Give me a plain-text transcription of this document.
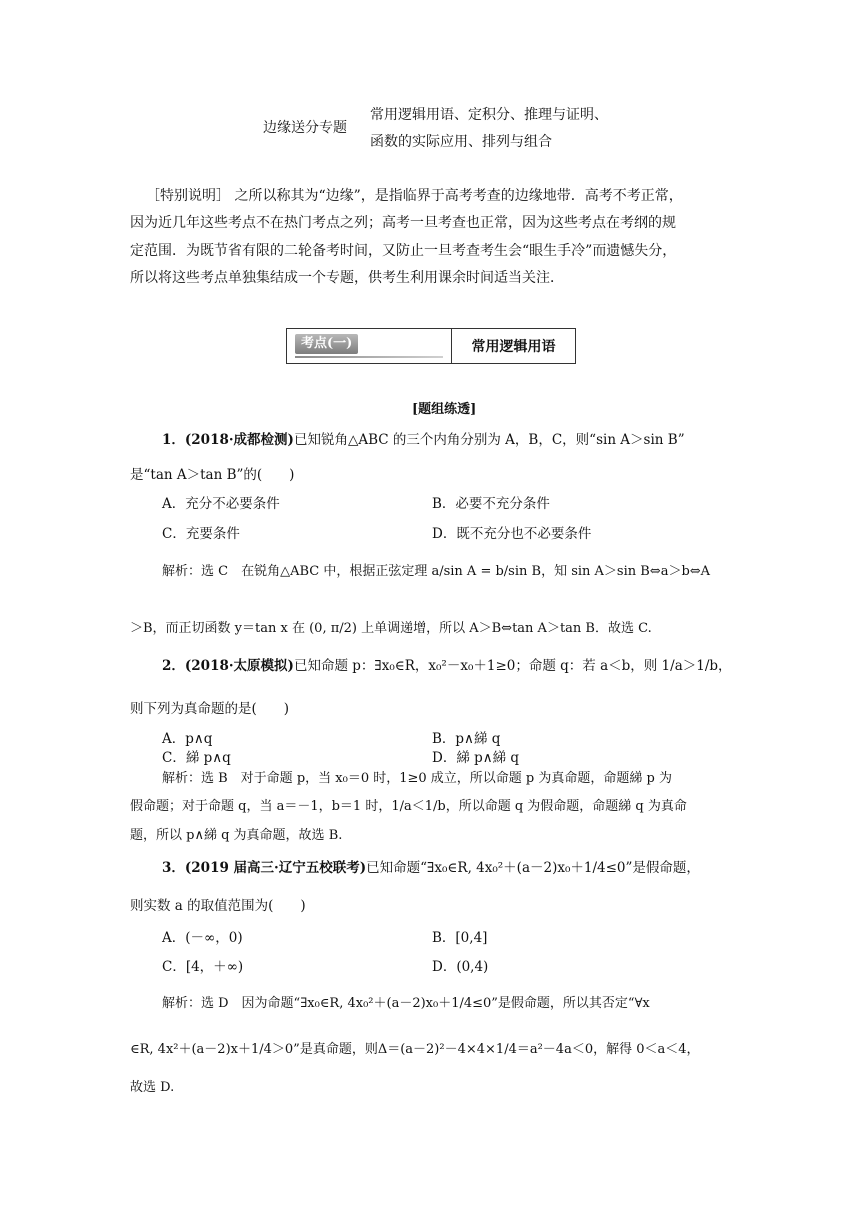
边缘送分专题
常用逻辑用语、定积分、推理与证明、
函数的实际应用、排列与组合
［特别说明］ 之所以称其为“边缘”，是指临界于高考考查的边缘地带．高考不考正常，
因为近几年这些考点不在热门考点之列；高考一旦考查也正常，因为这些考点在考纲的规
定范围．为既节省有限的二轮备考时间，又防止一旦考查考生会“眼生手冷”而遗憾失分，
所以将这些考点单独集结成一个专题，供考生利用课余时间适当关注．
考点(一)	常用逻辑用语
[题组练透]
1．(2018·成都检测)已知锐角△ABC 的三个内角分别为 A，B，C，则“sin A＞sin B”
是“tan A＞tan B”的(　　)
A．充分不必要条件	B．必要不充分条件
C．充要条件	D．既不充分也不必要条件
解析：选 C　在锐角△ABC 中，根据正弦定理 a/sin A = b/sin B，知 sin A＞sin B⇔a＞b⇔A
＞B，而正切函数 y＝tan x 在 (0, π/2) 上单调递增，所以 A＞B⇔tan A＞tan B．故选 C.
2．(2018·太原模拟)已知命题 p：∃x₀∈R，x₀²－x₀＋1≥0；命题 q：若 a＜b，则 1/a＞1/b，
则下列为真命题的是(　　)
A．p∧q	B．p∧綈 q
C．綈 p∧q	D．綈 p∧綈 q
解析：选 B　对于命题 p，当 x₀＝0 时，1≥0 成立，所以命题 p 为真命题，命题綈 p 为
假命题；对于命题 q，当 a＝－1，b＝1 时，1/a＜1/b，所以命题 q 为假命题，命题綈 q 为真命
题，所以 p∧綈 q 为真命题，故选 B.
3．(2019 届高三·辽宁五校联考)已知命题“∃x₀∈R, 4x₀²＋(a－2)x₀＋1/4≤0”是假命题，
则实数 a 的取值范围为(　　)
A．(－∞，0)	B．[0,4]
C．[4，＋∞)	D．(0,4)
解析：选 D　因为命题“∃x₀∈R, 4x₀²＋(a－2)x₀＋1/4≤0”是假命题，所以其否定“∀x
∈R, 4x²＋(a－2)x＋1/4＞0”是真命题，则Δ＝(a－2)²－4×4×1/4＝a²－4a＜0，解得 0＜a＜4，
故选 D.
